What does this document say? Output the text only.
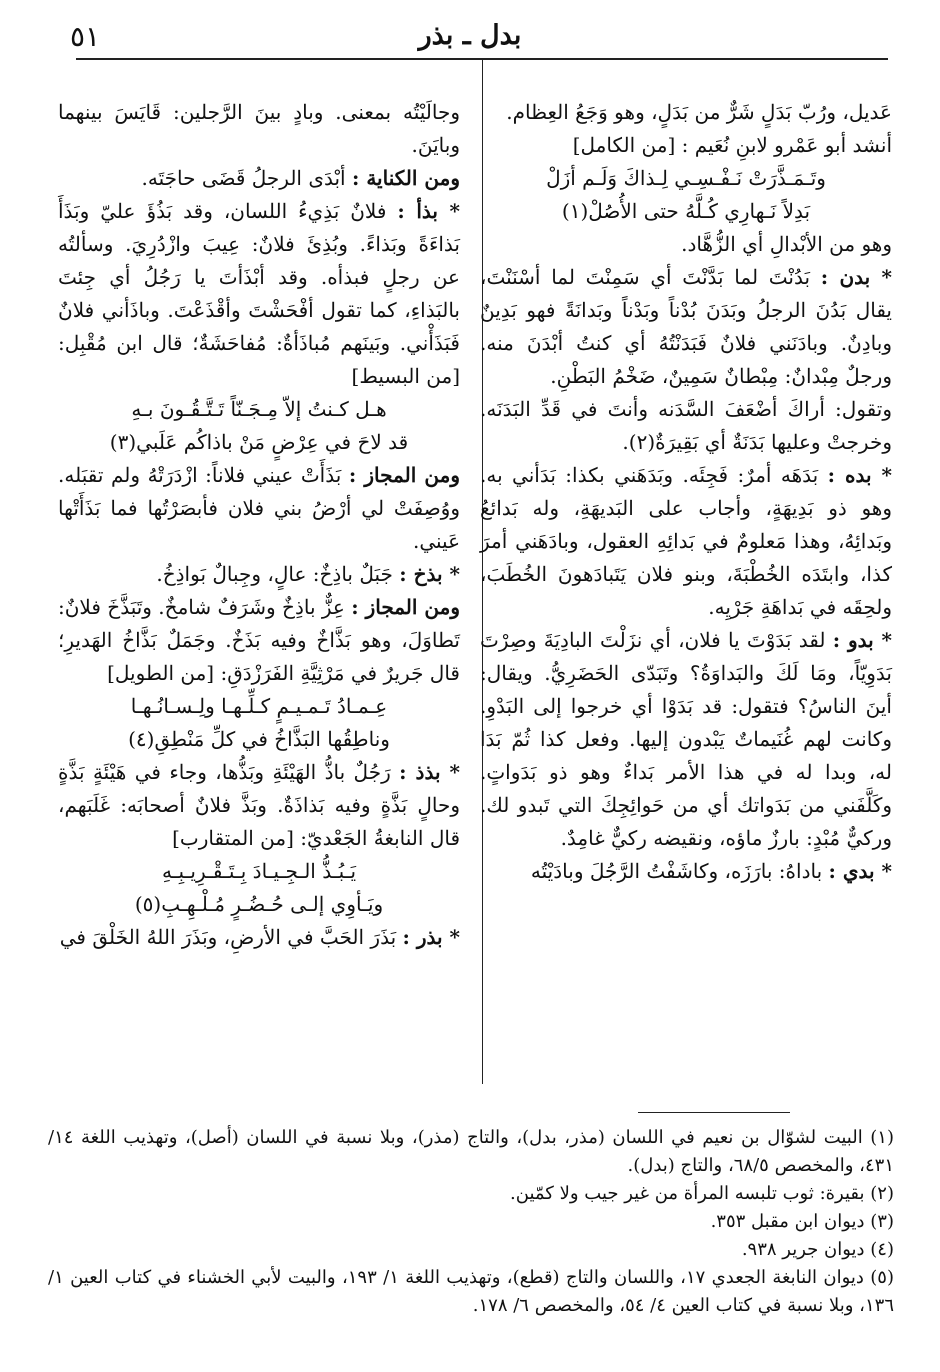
بدل ـ بذر
٥١

عَديل، ورُبّ بَدَلٍ شَرٌّ من بَدَلٍ، وهو وَجَعُ العِظام.

أنشد أبو عَمْرو لابنِ نُعَيم : [من الكامل]

وتَـمَـذَّرَتْ نَـفْـسِـي لِـذاكَ وَلَـم أزَلْ

بَدِلاً نَـهارِي كُـلَّهُ حتى الأُصُلْ(١)

وهو من الأبْدالِ أي الزُّهَّاد.

* بدن : بَدُنْتَ لما بَدَّنْتَ أي سَمِنْتَ لما أسْنَنْتَ، يقال بَدُنَ الرجلُ وبَدَنَ بُدْناً وبَدْناً وبَدانَةً فهو بَدِينٌ وبادِنٌ. وبادَنَني فلانٌ فَبَدَنْتُهُ أي كنتُ أبْدَنَ منه. ورجلٌ مِبْدانٌ: مِبْطانٌ سَمِينٌ، ضَخْمُ البَطْنِ.

وتقول: أراكَ أضْعَفَ السَّدَنه وأنتَ في قَدِّ البَدَنَه. وخرجتْ وعليها بَدَنَةٌ أي بَقِيرَةٌ(٢).

* بده : بَدَهَه أمرٌ: فَجِئَه. وبَدَهَني بكذا: بَدَأني به. وهو ذو بَدِيهَةٍ، وأجاب على البَديهَةِ، وله بَدائعُ وبَدائِهُ، وهذا مَعلومٌ في بَدائِهِ العقول، وبادَهَني أمرَ كذا، وابتَدَه الخُطْبَةَ، وبنو فلان يَتَبادَهونَ الخُطَبَ، ولحِقَه في بَداهَةِ جَرْيِه.

* بدو : لقد بَدَوْتَ يا فلان، أي نزَلْتَ البادِيَةَ وصِرْتَ بَدَوِيّاً، ومَا لَكَ والبَداوَةُ؟ وتَبَدّى الحَضَرِيُّ. ويقال: أينَ الناسُ؟ فتقول: قد بَدَوْا أي خرجوا إلى البَدْوِ. وكانت لهم غُنَيماتٌ يَبْدون إليها. وفعل كذا ثُمّ بَدَا له، وبدا له في هذا الأمر بَداءٌ وهو ذو بَدَواتٍ. وكَلَّفَني من بَدَواتك أي من حَوائِجِكَ التي تَبدو لك. وركيٌّ مُبْدٍ: بارزٌ ماؤه، ونقيضه ركيٌّ غامِدٌ.

* بدي : باداهُ: بارَزَه، وكاشَفْتُ الرَّجُلَ وبادَيْتُه

وجالَيْتُه بمعنى. وبادٍ بينَ الرَّجلين: قَايَسَ بينهما وبايَنَ.

ومن الكناية : أبْدَى الرجلُ قَضَى حاجَتَه.

* بذأ : فلانٌ بَذِيءُ اللسان، وقد بَذُؤَ عليّ وبَذَأَ بَذاءَةً وبَذاءً. وبُذِئَ فلانٌ: عِيبَ وازْدُرِيَ. وسألتُه عن رجلٍ فبذأه. وقد أبْذَأتَ يا رَجُلُ أي جِئتَ بالبَذاءِ، كما تقول أفْحَشْتَ وأقْذَعْتَ. وباذَأني فلانٌ فَبَذَأْني. وبَينَهم مُباذَأةٌ: مُفاحَشَةٌ؛ قال ابن مُقْبِل: [من البسيط]

هـل كـنتُ إلاّ مِـجَـنّاً تَـتَّـقُـونَ بـهِ

قد لاحَ في عِرْضٍ مَنْ باذاكُم عَلَبي(٣)

ومن المجاز : بَذَأَتْ عيني فلاناً: ازْدَرَتْهُ ولم تقبَله. ووُصِفَتْ لي أرْضُ بني فلان فأبصَرْتُها فما بَذَأَتْها عَيني.

* بذخ : جَبَلٌ باذِخٌ: عالٍ، وجِبالٌ بَواذِخُ.

ومن المجاز : عِزٌّ باذِخٌ وشَرَفٌ شامخٌ. وتَبَذَّخَ فلانٌ: تَطاوَلَ، وهو بَذَّاخٌ وفيه بَذَخٌ. وجَمَلٌ بَذَّاخُ الهَديرِ؛ قال جَريرٌ في مَرْثِيَّةِ الفَرَزْدَقِ: [من الطويل]

عِـمـادُ تَـمـيـمٍ كـلِّـهـا ولِـسـانُـهـا

وناطِقُها البَذَّاخُ في كلِّ مَنْطِقِ(٤)

* بذذ : رَجُلٌ باذُّ الهَيْئَةِ وبَذُّها، وجاء في هَيْئَةٍ بَذَّةٍ وحالٍ بَذَّةٍ وفيه بَذاذَةٌ. وبَذَّ فلانٌ أصحابَه: غَلَبَهم، قال النابغةُ الجَعْديّ: [من المتقارب]

يَـبُـذُّ الـجِـيـادَ بِـتَـقْـرِيـبِـهِ

ويَـأوِي إلـى حُـضُـرٍ مُـلْـهِـبِ(٥)

* بذر : بَذَرَ الحَبَّ في الأرضِ، وبَذَرَ اللهُ الخَلْقَ في

(١) البيت لشوّال بن نعيم في اللسان (مذر، بدل)، والتاج (مذر)، وبلا نسبة في اللسان (أصل)، وتهذيب اللغة ١٤/ ٤٣١، والمخصص ٦٨/٥، والتاج (بدل).

(٢) بقيرة: ثوب تلبسه المرأة من غير جيب ولا كمّين.

(٣) ديوان ابن مقبل ٣٥٣.

(٤) ديوان جرير ٩٣٨.

(٥) ديوان النابغة الجعدي ١٧، واللسان والتاج (قطع)، وتهذيب اللغة ١/ ١٩٣، والبيت لأبي الخشناء في كتاب العين ١/ ١٣٦، وبلا نسبة في كتاب العين ٤/ ٥٤، والمخصص ٦/ ١٧٨.
